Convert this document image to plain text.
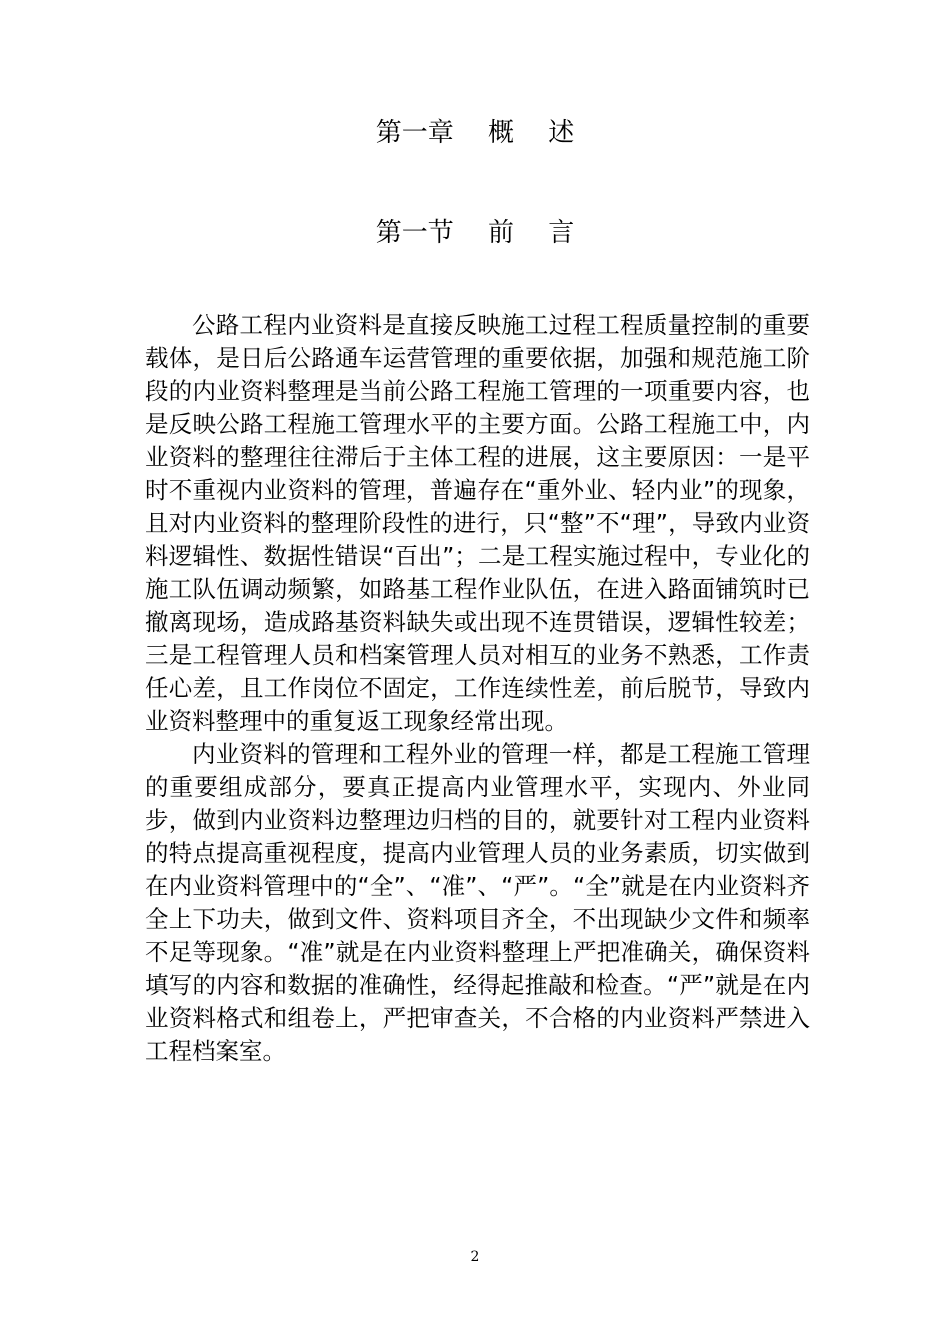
第一章　 概　 述
第一节　 前　 言

公路工程内业资料是直接反映施工过程工程质量控制的重要载体，是日后公路通车运营管理的重要依据，加强和规范施工阶段的内业资料整理是当前公路工程施工管理的一项重要内容，也是反映公路工程施工管理水平的主要方面。公路工程施工中，内业资料的整理往往滞后于主体工程的进展，这主要原因：一是平时不重视内业资料的管理，普遍存在“重外业、轻内业”的现象，且对内业资料的整理阶段性的进行，只“整”不“理”，导致内业资料逻辑性、数据性错误“百出”；二是工程实施过程中，专业化的施工队伍调动频繁，如路基工程作业队伍，在进入路面铺筑时已撤离现场，造成路基资料缺失或出现不连贯错误，逻辑性较差；三是工程管理人员和档案管理人员对相互的业务不熟悉，工作责任心差，且工作岗位不固定，工作连续性差，前后脱节，导致内业资料整理中的重复返工现象经常出现。

内业资料的管理和工程外业的管理一样，都是工程施工管理的重要组成部分，要真正提高内业管理水平，实现内、外业同步，做到内业资料边整理边归档的目的，就要针对工程内业资料的特点提高重视程度，提高内业管理人员的业务素质，切实做到在内业资料管理中的“全”、“准”、“严”。“全”就是在内业资料齐全上下功夫，做到文件、资料项目齐全，不出现缺少文件和频率不足等现象。“准”就是在内业资料整理上严把准确关，确保资料填写的内容和数据的准确性，经得起推敲和检查。“严”就是在内业资料格式和组卷上，严把审查关，不合格的内业资料严禁进入工程档案室。

2
